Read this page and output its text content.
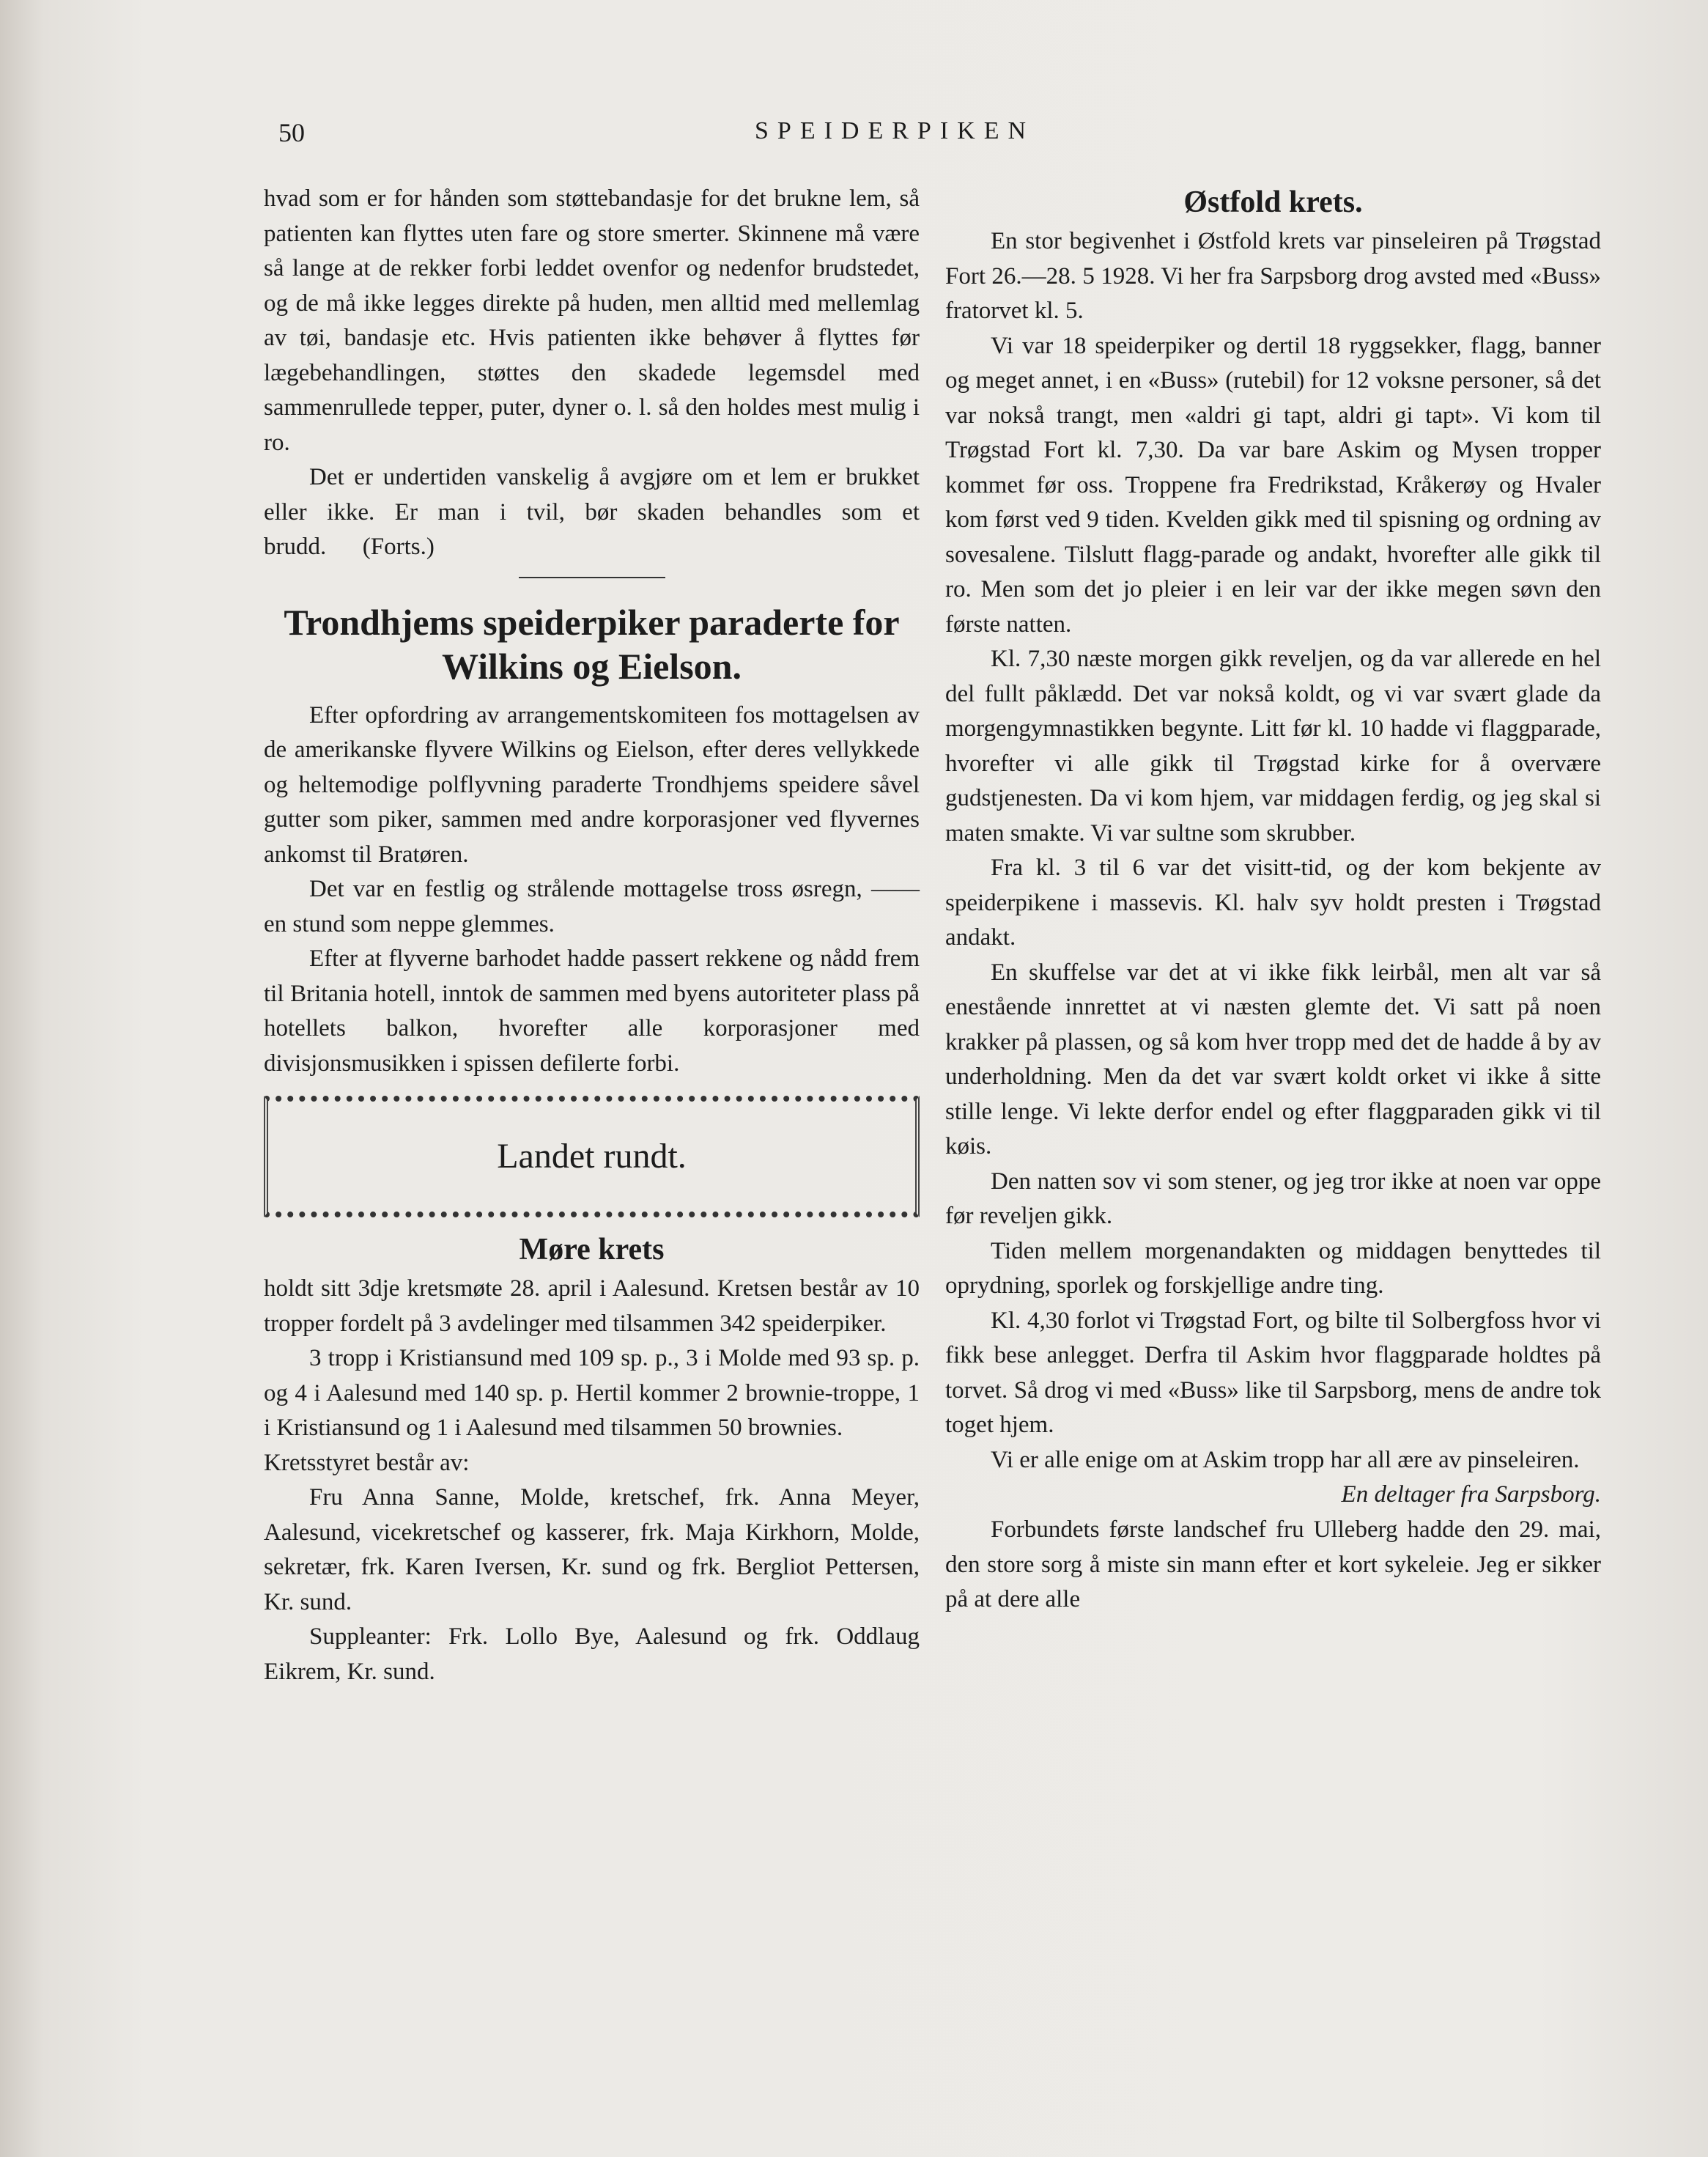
50	SPEIDERPIKEN

hvad som er for hånden som støttebandasje for det brukne lem, så patienten kan flyttes uten fare og store smerter. Skinnene må være så lange at de rekker forbi leddet ovenfor og nedenfor brudstedet, og de må ikke legges direkte på huden, men alltid med mellemlag av tøi, bandasje etc. Hvis patienten ikke behøver å flyttes før lægebehandlingen, støttes den skadede legemsdel med sammenrullede tepper, puter, dyner o. l. så den holdes mest mulig i ro.

Det er undertiden vanskelig å avgjøre om et lem er brukket eller ikke. Er man i tvil, bør skaden behandles som et brudd. (Forts.)

Trondhjems speiderpiker paraderte for Wilkins og Eielson.

Efter opfordring av arrangementskomiteen fos mottagelsen av de amerikanske flyvere Wilkins og Eielson, efter deres vellykkede og heltemodige polflyvning paraderte Trondhjems speidere såvel gutter som piker, sammen med andre korporasjoner ved flyvernes ankomst til Bratøren.

Det var en festlig og strålende mottagelse tross øsregn, —— en stund som neppe glemmes.

Efter at flyverne barhodet hadde passert rekkene og nådd frem til Britania hotell, inntok de sammen med byens autoriteter plass på hotellets balkon, hvorefter alle korporasjoner med divisjonsmusikken i spissen defilerte forbi.

Landet rundt.
Møre krets

holdt sitt 3dje kretsmøte 28. april i Aalesund. Kretsen består av 10 tropper fordelt på 3 avdelinger med tilsammen 342 speiderpiker.

3 tropp i Kristiansund med 109 sp. p., 3 i Molde med 93 sp. p. og 4 i Aalesund med 140 sp. p. Hertil kommer 2 brownie-troppe, 1 i Kristiansund og 1 i Aalesund med tilsammen 50 brownies.

Kretsstyret består av:

Fru Anna Sanne, Molde, kretschef, frk. Anna Meyer, Aalesund, vicekretschef og kasserer, frk. Maja Kirkhorn, Molde, sekretær, frk. Karen Iversen, Kr. sund og frk. Bergliot Pettersen, Kr. sund.

Suppleanter: Frk. Lollo Bye, Aalesund og frk. Oddlaug Eikrem, Kr. sund.

Østfold krets.

En stor begivenhet i Østfold krets var pinseleiren på Trøgstad Fort 26.—28. 5 1928. Vi her fra Sarpsborg drog avsted med «Buss» fratorvet kl. 5.

Vi var 18 speiderpiker og dertil 18 ryggsekker, flagg, banner og meget annet, i en «Buss» (rutebil) for 12 voksne personer, så det var nokså trangt, men «aldri gi tapt, aldri gi tapt». Vi kom til Trøgstad Fort kl. 7,30. Da var bare Askim og Mysen tropper kommet før oss. Troppene fra Fredrikstad, Kråkerøy og Hvaler kom først ved 9 tiden. Kvelden gikk med til spisning og ordning av sovesalene. Tilslutt flagg-parade og andakt, hvorefter alle gikk til ro. Men som det jo pleier i en leir var der ikke megen søvn den første natten.

Kl. 7,30 næste morgen gikk reveljen, og da var allerede en hel del fullt påklædd. Det var nokså koldt, og vi var svært glade da morgengymnastikken begynte. Litt før kl. 10 hadde vi flaggparade, hvorefter vi alle gikk til Trøgstad kirke for å overvære gudstjenesten. Da vi kom hjem, var middagen ferdig, og jeg skal si maten smakte. Vi var sultne som skrubber.

Fra kl. 3 til 6 var det visitt-tid, og der kom bekjente av speiderpikene i massevis. Kl. halv syv holdt presten i Trøgstad andakt.

En skuffelse var det at vi ikke fikk leirbål, men alt var så enestående innrettet at vi næsten glemte det. Vi satt på noen krakker på plassen, og så kom hver tropp med det de hadde å by av underholdning. Men da det var svært koldt orket vi ikke å sitte stille lenge. Vi lekte derfor endel og efter flaggparaden gikk vi til køis.

Den natten sov vi som stener, og jeg tror ikke at noen var oppe før reveljen gikk.

Tiden mellem morgenandakten og middagen benyttedes til oprydning, sporlek og forskjellige andre ting.

Kl. 4,30 forlot vi Trøgstad Fort, og bilte til Solbergfoss hvor vi fikk bese anlegget. Derfra til Askim hvor flaggparade holdtes på torvet. Så drog vi med «Buss» like til Sarpsborg, mens de andre tok toget hjem.

Vi er alle enige om at Askim tropp har all ære av pinseleiren.
En deltager fra Sarpsborg.

Forbundets første landschef fru Ulleberg hadde den 29. mai, den store sorg å miste sin mann efter et kort sykeleie. Jeg er sikker på at dere alle
